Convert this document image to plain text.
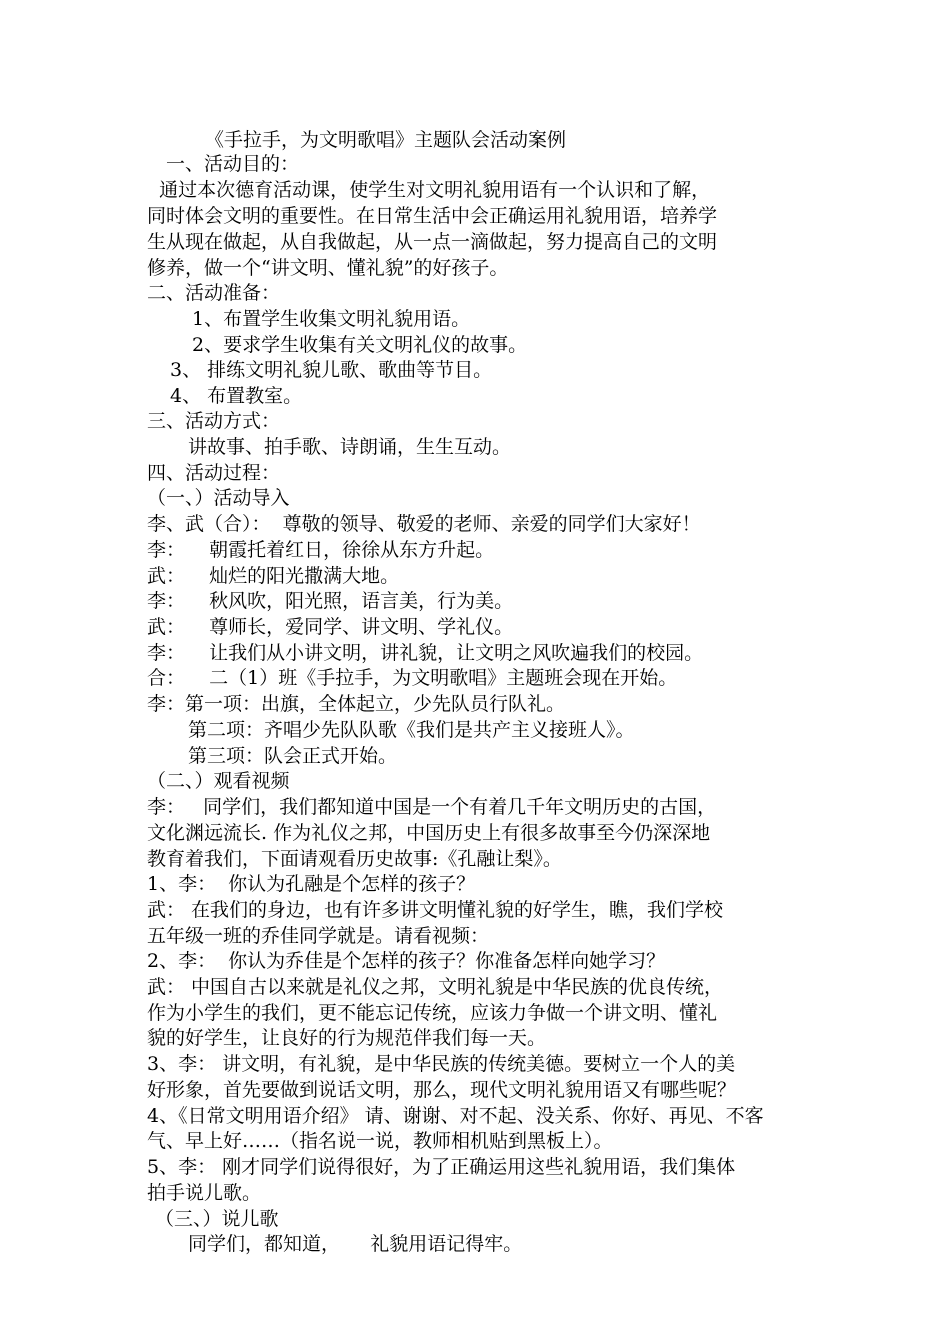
《手拉手，为文明歌唱》主题队会活动案例
一、活动目的：
通过本次德育活动课，使学生对文明礼貌用语有一个认识和了解，
同时体会文明的重要性。在日常生活中会正确运用礼貌用语，培养学
生从现在做起，从自我做起，从一点一滴做起，努力提高自己的文明
修养，做一个“讲文明、懂礼貌”的好孩子。
二、活动准备：
1、布置学生收集文明礼貌用语。
2、要求学生收集有关文明礼仪的故事。
3、 排练文明礼貌儿歌、歌曲等节目。
4、 布置教室。
三、活动方式：
讲故事、拍手歌、诗朗诵，生生互动。
四、活动过程：
（一、）活动导入
李、武（合）：  尊敬的领导、敬爱的老师、亲爱的同学们大家好！
李：    朝霞托着红日，徐徐从东方升起。
武：    灿烂的阳光撒满大地。
李：    秋风吹，阳光照，语言美，行为美。
武：    尊师长，爱同学、讲文明、学礼仪。
李：    让我们从小讲文明，讲礼貌，让文明之风吹遍我们的校园。
合：    二（1）班《手拉手，为文明歌唱》主题班会现在开始。
李：第一项：出旗，全体起立，少先队员行队礼。
第二项：齐唱少先队队歌《我们是共产主义接班人》。
第三项：队会正式开始。
（二、）观看视频
李：   同学们，我们都知道中国是一个有着几千年文明历史的古国，
文化渊远流长. 作为礼仪之邦，中国历史上有很多故事至今仍深深地
教育着我们，下面请观看历史故事:《孔融让梨》。
1、李：  你认为孔融是个怎样的孩子？
武： 在我们的身边，也有许多讲文明懂礼貌的好学生，瞧，我们学校
五年级一班的乔佳同学就是。请看视频：
2、李：  你认为乔佳是个怎样的孩子？你准备怎样向她学习？
武： 中国自古以来就是礼仪之邦，文明礼貌是中华民族的优良传统，
作为小学生的我们，更不能忘记传统，应该力争做一个讲文明、懂礼
貌的好学生，让良好的行为规范伴我们每一天。
3、李： 讲文明，有礼貌，是中华民族的传统美德。要树立一个人的美
好形象，首先要做到说话文明，那么，现代文明礼貌用语又有哪些呢？
4、《日常文明用语介绍》 请、谢谢、对不起、没关系、你好、再见、不客
气、早上好……（指名说一说，教师相机贴到黑板上）。
5、李： 刚才同学们说得很好，为了正确运用这些礼貌用语，我们集体
拍手说儿歌。
（三、）说儿歌
同学们，都知道，     礼貌用语记得牢。
